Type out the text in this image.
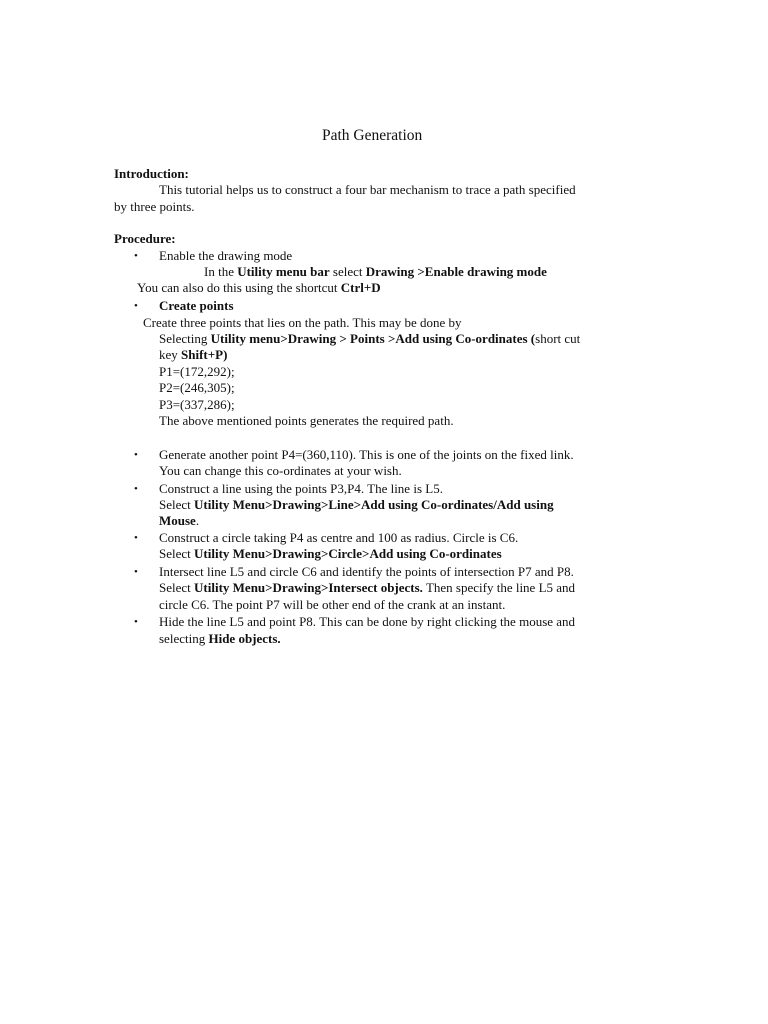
Path Generation
Introduction:
This tutorial helps us to construct a four bar mechanism to trace a path specified
by three points.
Procedure:
• Enable the drawing mode
In the Utility menu bar select Drawing >Enable drawing mode
You can also do this using the shortcut Ctrl+D
• Create points
Create three points that lies on the path. This may be done by
Selecting Utility menu>Drawing > Points >Add using Co-ordinates (short cut
key Shift+P)
P1=(172,292);
P2=(246,305);
P3=(337,286);
The above mentioned points generates the required path.
• Generate another point P4=(360,110). This is one of the joints on the fixed link.
You can change this co-ordinates at your wish.
• Construct a line using the points P3,P4. The line is L5.
Select Utility Menu>Drawing>Line>Add using Co-ordinates/Add using
Mouse.
• Construct a circle taking P4 as centre and 100 as radius. Circle is C6.
Select Utility Menu>Drawing>Circle>Add using Co-ordinates
• Intersect line L5 and circle C6 and identify the points of intersection P7 and P8.
Select Utility Menu>Drawing>Intersect objects. Then specify the line L5 and
circle C6. The point P7 will be other end of the crank at an instant.
• Hide the line L5 and point P8. This can be done by right clicking the mouse and
selecting Hide objects.
